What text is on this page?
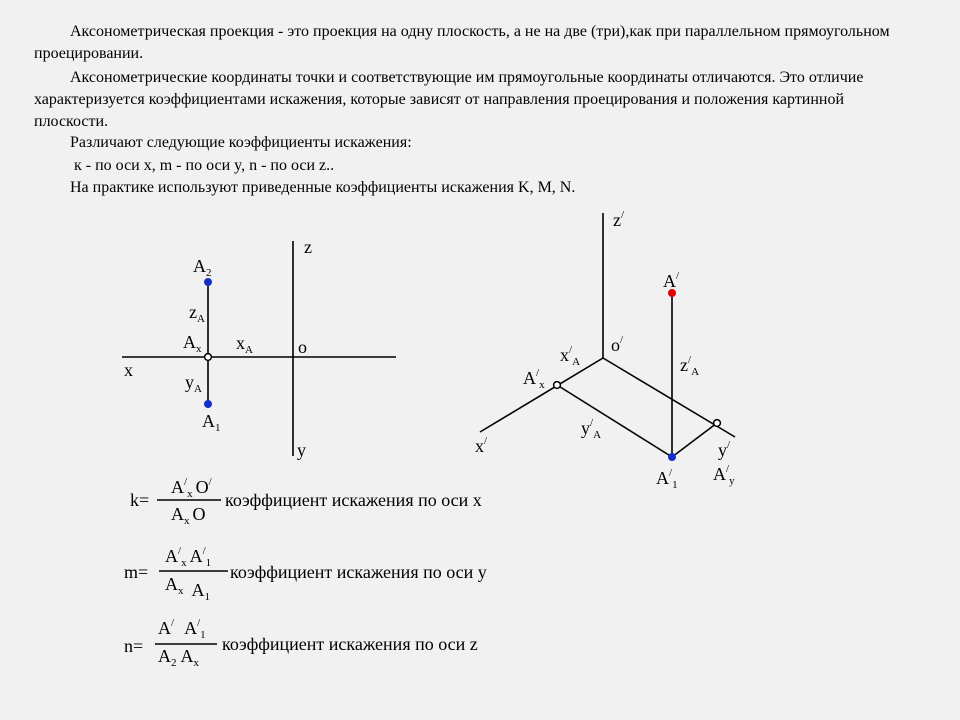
Аксонометрическая проекция - это проекция на одну плоскость, а не на две (три),как при параллельном прямоугольном проецировании.

Аксонометрические координаты точки и соответствующие им прямоугольные координаты отличаются. Это отличие характеризуется коэффициентами искажения, которые зависят от направления проецирования и положения картинной плоскости.

Различают следующие коэффициенты искажения:
к - по оси x, m - по оси y, n - по оси z..
На практике используют приведенные коэффициенты искажения K, M, N.
z
x
y
o
$A_2$
$z_A$
$A_x$ $x_A$
$y_A$
$A_1$
z/
o/
A/
$z^/_A$
$x^/_A$
$A^/_x$
$y^/_A$
x/	y/
$A^/_1$
$A^/_y$
k=
$A^/_x$ O/
$A_x$ O
коэффициент искажения по оси x
m=
$A^/_x$ $A^/_1$
$A_x$ $A_1$
коэффициент искажения по оси y
n=
A/ $A^/_1$
$A_2$ $A_x$
коэффициент искажения по оси z
